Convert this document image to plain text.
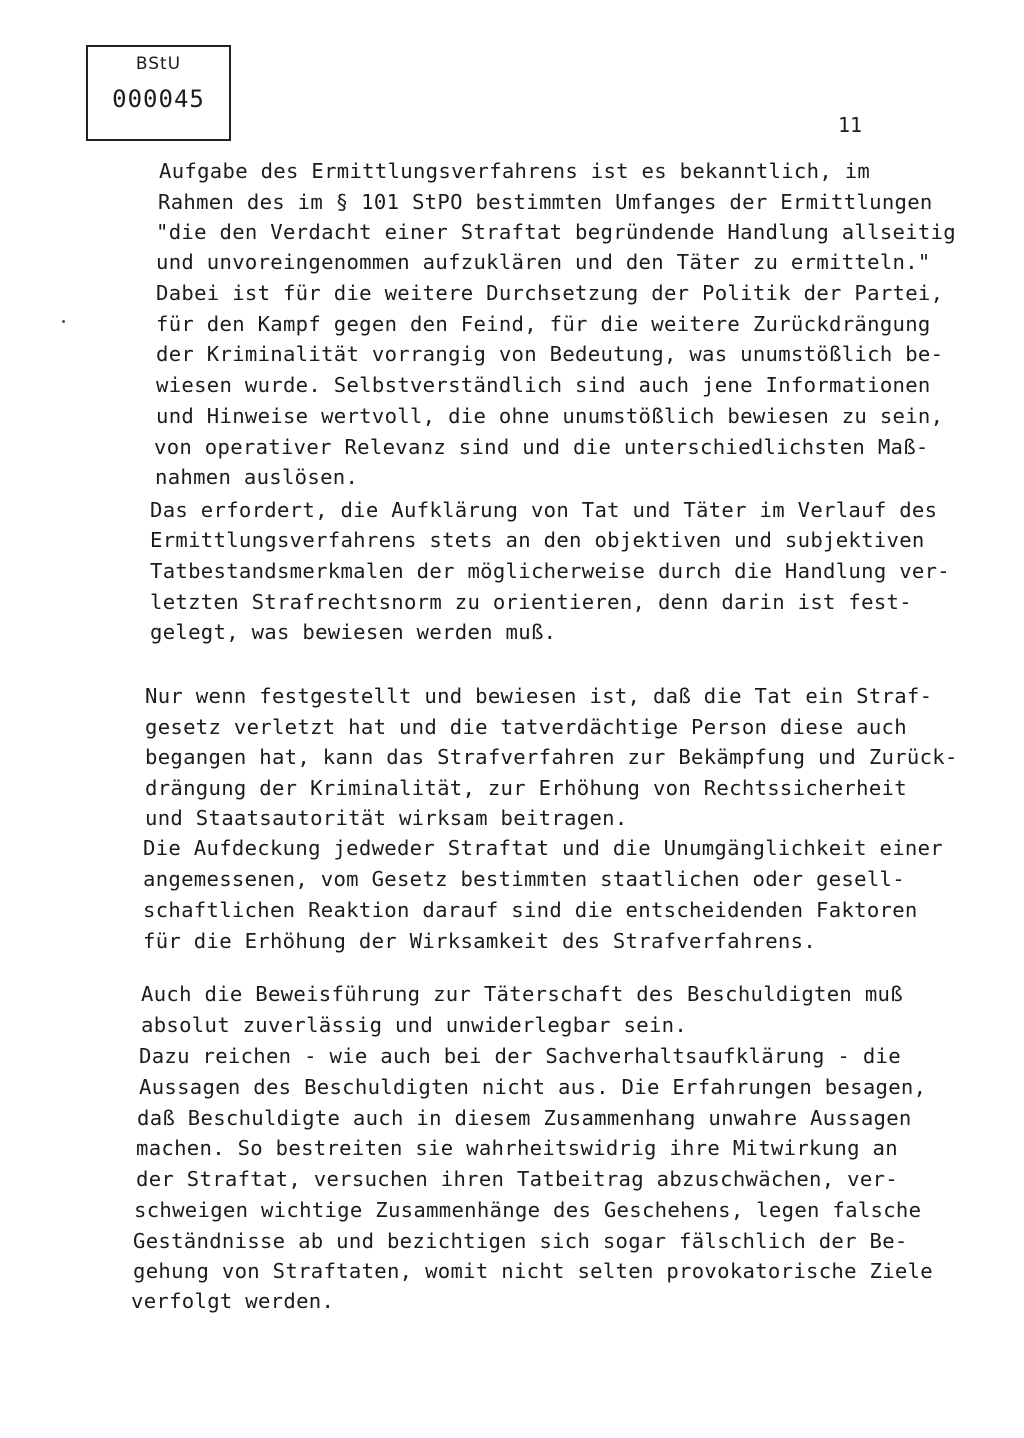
BStU
000045
11
Aufgabe des Ermittlungsverfahrens ist es bekanntlich, im
Rahmen des im § 101 StPO bestimmten Umfanges der Ermittlungen
"die den Verdacht einer Straftat begründende Handlung allseitig
und unvoreingenommen aufzuklären und den Täter zu ermitteln."
Dabei ist für die weitere Durchsetzung der Politik der Partei,
für den Kampf gegen den Feind, für die weitere Zurückdrängung
der Kriminalität vorrangig von Bedeutung, was unumstößlich be-
wiesen wurde. Selbstverständlich sind auch jene Informationen
und Hinweise wertvoll, die ohne unumstößlich bewiesen zu sein,
von operativer Relevanz sind und die unterschiedlichsten Maß-
nahmen auslösen.
Das erfordert, die Aufklärung von Tat und Täter im Verlauf des
Ermittlungsverfahrens stets an den objektiven und subjektiven
Tatbestandsmerkmalen der möglicherweise durch die Handlung ver-
letzten Strafrechtsnorm zu orientieren, denn darin ist fest-
gelegt, was bewiesen werden muß.
Nur wenn festgestellt und bewiesen ist, daß die Tat ein Straf-
gesetz verletzt hat und die tatverdächtige Person diese auch
begangen hat, kann das Strafverfahren zur Bekämpfung und Zurück-
drängung der Kriminalität, zur Erhöhung von Rechtssicherheit
und Staatsautorität wirksam beitragen.
Die Aufdeckung jedweder Straftat und die Unumgänglichkeit einer
angemessenen, vom Gesetz bestimmten staatlichen oder gesell-
schaftlichen Reaktion darauf sind die entscheidenden Faktoren
für die Erhöhung der Wirksamkeit des Strafverfahrens.
Auch die Beweisführung zur Täterschaft des Beschuldigten muß
absolut zuverlässig und unwiderlegbar sein.
Dazu reichen - wie auch bei der Sachverhaltsaufklärung - die
Aussagen des Beschuldigten nicht aus. Die Erfahrungen besagen,
daß Beschuldigte auch in diesem Zusammenhang unwahre Aussagen
machen. So bestreiten sie wahrheitswidrig ihre Mitwirkung an
der Straftat, versuchen ihren Tatbeitrag abzuschwächen, ver-
schweigen wichtige Zusammenhänge des Geschehens, legen falsche
Geständnisse ab und bezichtigen sich sogar fälschlich der Be-
gehung von Straftaten, womit nicht selten provokatorische Ziele
verfolgt werden.
